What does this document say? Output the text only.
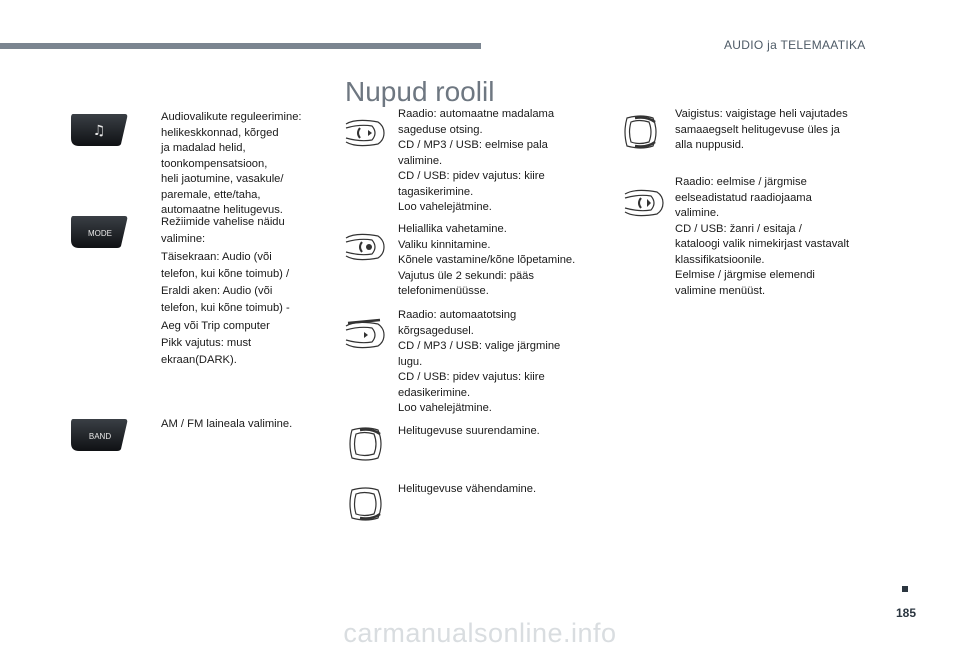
AUDIO ja TELEMAATIKA
Nupud roolil
♫
Audiovalikute reguleerimine:
helikeskkonnad, kõrged
ja madalad helid,
toonkompensatsioon,
heli jaotumine, vasakule/
paremale, ette/taha,
automaatne helitugevus.
MODE
Režiimide vahelise näidu
valimine:
Täisekraan: Audio (või
telefon, kui kõne toimub) /
Eraldi aken: Audio (või
telefon, kui kõne toimub) -
Aeg või Trip computer
Pikk vajutus: must
ekraan(DARK).
BAND
AM / FM laineala valimine.
Raadio: automaatne madalama
sageduse otsing.
CD / MP3 / USB: eelmise pala
valimine.
CD / USB: pidev vajutus: kiire
tagasikerimine.
Loo vahelejätmine.
Heliallika vahetamine.
Valiku kinnitamine.
Kõnele vastamine/kõne lõpetamine.
Vajutus üle 2 sekundi: pääs
telefonimenüüsse.
Raadio: automaatotsing
kõrgsagedusel.
CD / MP3 / USB: valige järgmine
lugu.
CD / USB: pidev vajutus: kiire
edasikerimine.
Loo vahelejätmine.
Helitugevuse suurendamine.
Helitugevuse vähendamine.
Vaigistus: vaigistage heli vajutades
samaaegselt helitugevuse üles ja
alla nuppusid.
Raadio: eelmise / järgmise
eelseadistatud raadiojaama
valimine.
CD / USB: žanri / esitaja /
kataloogi valik nimekirjast vastavalt
klassifikatsioonile.
Eelmise / järgmise elemendi
valimine menüüst.
185
carmanualsonline.info
